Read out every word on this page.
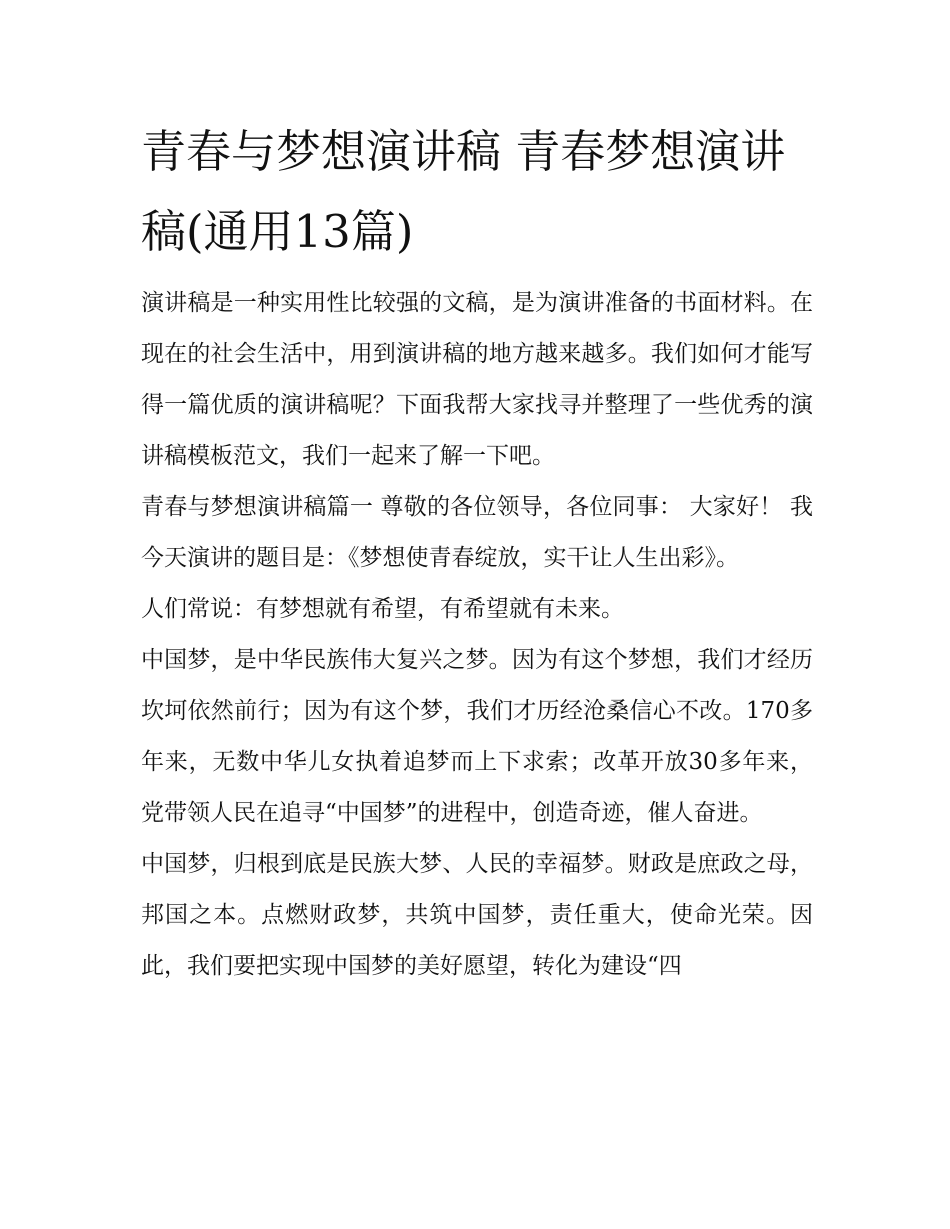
青春与梦想演讲稿 青春梦想演讲稿(通用13篇)

演讲稿是一种实用性比较强的文稿，是为演讲准备的书面材料。在现在的社会生活中，用到演讲稿的地方越来越多。我们如何才能写得一篇优质的演讲稿呢？下面我帮大家找寻并整理了一些优秀的演讲稿模板范文，我们一起来了解一下吧。

青春与梦想演讲稿篇一 尊敬的各位领导，各位同事： 大家好！ 我今天演讲的题目是：《梦想使青春绽放，实干让人生出彩》。

人们常说：有梦想就有希望，有希望就有未来。

中国梦，是中华民族伟大复兴之梦。因为有这个梦想，我们才经历坎坷依然前行；因为有这个梦，我们才历经沧桑信心不改。170多年来，无数中华儿女执着追梦而上下求索；改革开放30多年来，党带领人民在追寻“中国梦”的进程中，创造奇迹，催人奋进。

中国梦，归根到底是民族大梦、人民的幸福梦。财政是庶政之母，邦国之本。点燃财政梦，共筑中国梦，责任重大，使命光荣。因此，我们要把实现中国梦的美好愿望，转化为建设“四
